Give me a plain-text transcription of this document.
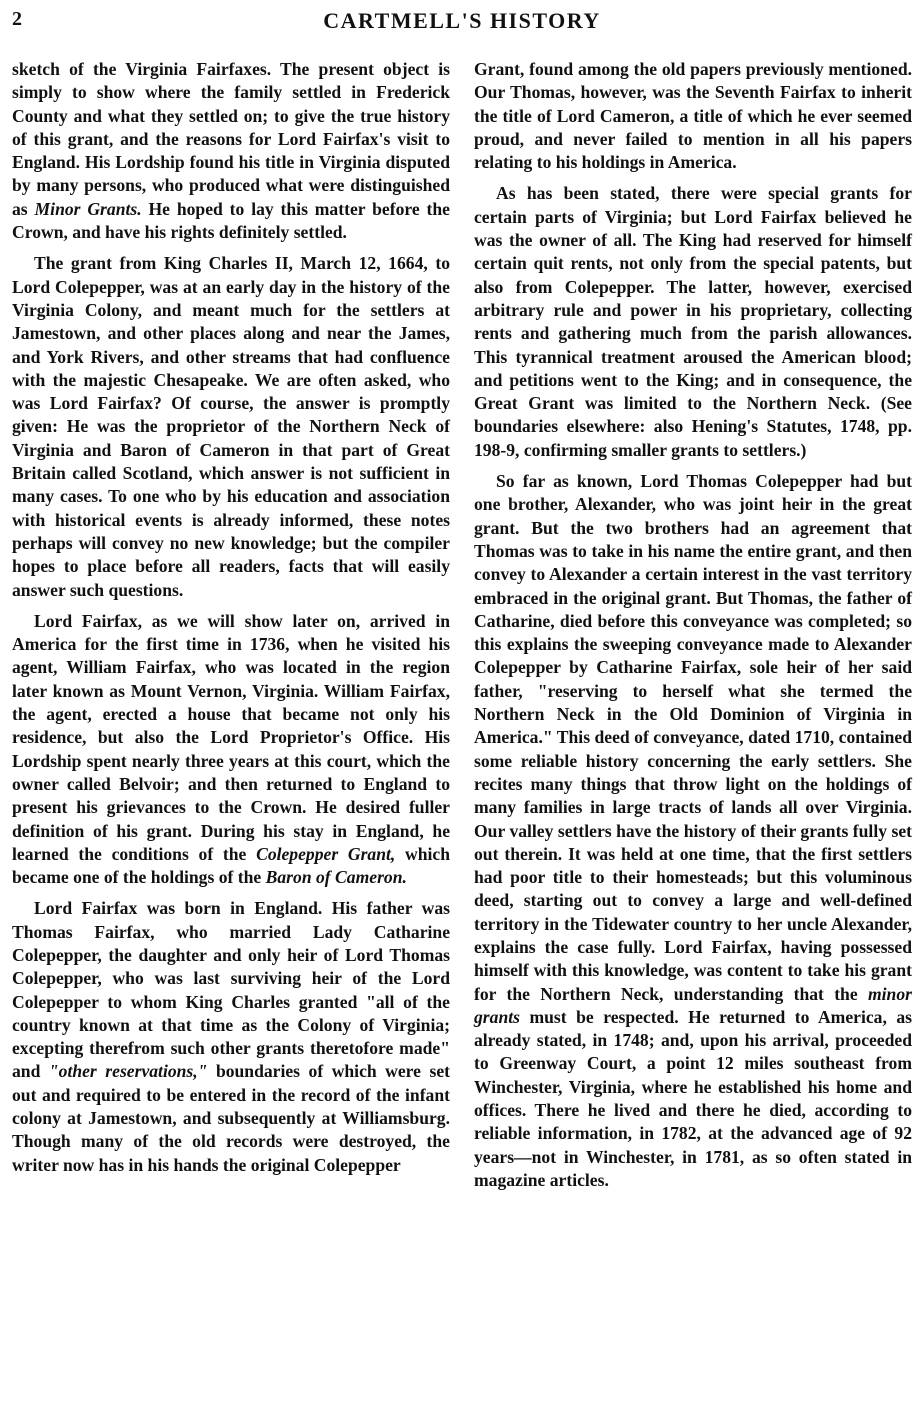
2	CARTMELL'S HISTORY

sketch of the Virginia Fairfaxes. The present object is simply to show where the family settled in Frederick County and what they settled on; to give the true history of this grant, and the reasons for Lord Fairfax's visit to England. His Lordship found his title in Virginia disputed by many persons, who produced what were distinguished as Minor Grants. He hoped to lay this matter before the Crown, and have his rights definitely settled.

The grant from King Charles II, March 12, 1664, to Lord Colepepper, was at an early day in the history of the Virginia Colony, and meant much for the settlers at Jamestown, and other places along and near the James, and York Rivers, and other streams that had confluence with the majestic Chesapeake. We are often asked, who was Lord Fairfax? Of course, the answer is promptly given: He was the proprietor of the Northern Neck of Virginia and Baron of Cameron in that part of Great Britain called Scotland, which answer is not sufficient in many cases. To one who by his education and association with historical events is already informed, these notes perhaps will convey no new knowledge; but the compiler hopes to place before all readers, facts that will easily answer such questions.

Lord Fairfax, as we will show later on, arrived in America for the first time in 1736, when he visited his agent, William Fairfax, who was located in the region later known as Mount Vernon, Virginia. William Fairfax, the agent, erected a house that became not only his residence, but also the Lord Proprietor's Office. His Lordship spent nearly three years at this court, which the owner called Belvoir; and then returned to England to present his grievances to the Crown. He desired fuller definition of his grant. During his stay in England, he learned the conditions of the Colepepper Grant, which became one of the holdings of the Baron of Cameron.

Lord Fairfax was born in England. His father was Thomas Fairfax, who married Lady Catharine Colepepper, the daughter and only heir of Lord Thomas Colepepper, who was last surviving heir of the Lord Colepepper to whom King Charles granted "all of the country known at that time as the Colony of Virginia; excepting therefrom such other grants theretofore made" and "other reservations," boundaries of which were set out and required to be entered in the record of the infant colony at Jamestown, and subsequently at Williamsburg. Though many of the old records were destroyed, the writer now has in his hands the original Colepepper

Grant, found among the old papers previously mentioned. Our Thomas, however, was the Seventh Fairfax to inherit the title of Lord Cameron, a title of which he ever seemed proud, and never failed to mention in all his papers relating to his holdings in America.

As has been stated, there were special grants for certain parts of Virginia; but Lord Fairfax believed he was the owner of all. The King had reserved for himself certain quit rents, not only from the special patents, but also from Colepepper. The latter, however, exercised arbitrary rule and power in his proprietary, collecting rents and gathering much from the parish allowances. This tyrannical treatment aroused the American blood; and petitions went to the King; and in consequence, the Great Grant was limited to the Northern Neck. (See boundaries elsewhere: also Hening's Statutes, 1748, pp. 198-9, confirming smaller grants to settlers.)

So far as known, Lord Thomas Colepepper had but one brother, Alexander, who was joint heir in the great grant. But the two brothers had an agreement that Thomas was to take in his name the entire grant, and then convey to Alexander a certain interest in the vast territory embraced in the original grant. But Thomas, the father of Catharine, died before this conveyance was completed; so this explains the sweeping conveyance made to Alexander Colepepper by Catharine Fairfax, sole heir of her said father, "reserving to herself what she termed the Northern Neck in the Old Dominion of Virginia in America." This deed of conveyance, dated 1710, contained some reliable history concerning the early settlers. She recites many things that throw light on the holdings of many families in large tracts of lands all over Virginia. Our valley settlers have the history of their grants fully set out therein. It was held at one time, that the first settlers had poor title to their homesteads; but this voluminous deed, starting out to convey a large and well-defined territory in the Tidewater country to her uncle Alexander, explains the case fully. Lord Fairfax, having possessed himself with this knowledge, was content to take his grant for the Northern Neck, understanding that the minor grants must be respected. He returned to America, as already stated, in 1748; and, upon his arrival, proceeded to Greenway Court, a point 12 miles southeast from Winchester, Virginia, where he established his home and offices. There he lived and there he died, according to reliable information, in 1782, at the advanced age of 92 years—not in Winchester, in 1781, as so often stated in magazine articles.
